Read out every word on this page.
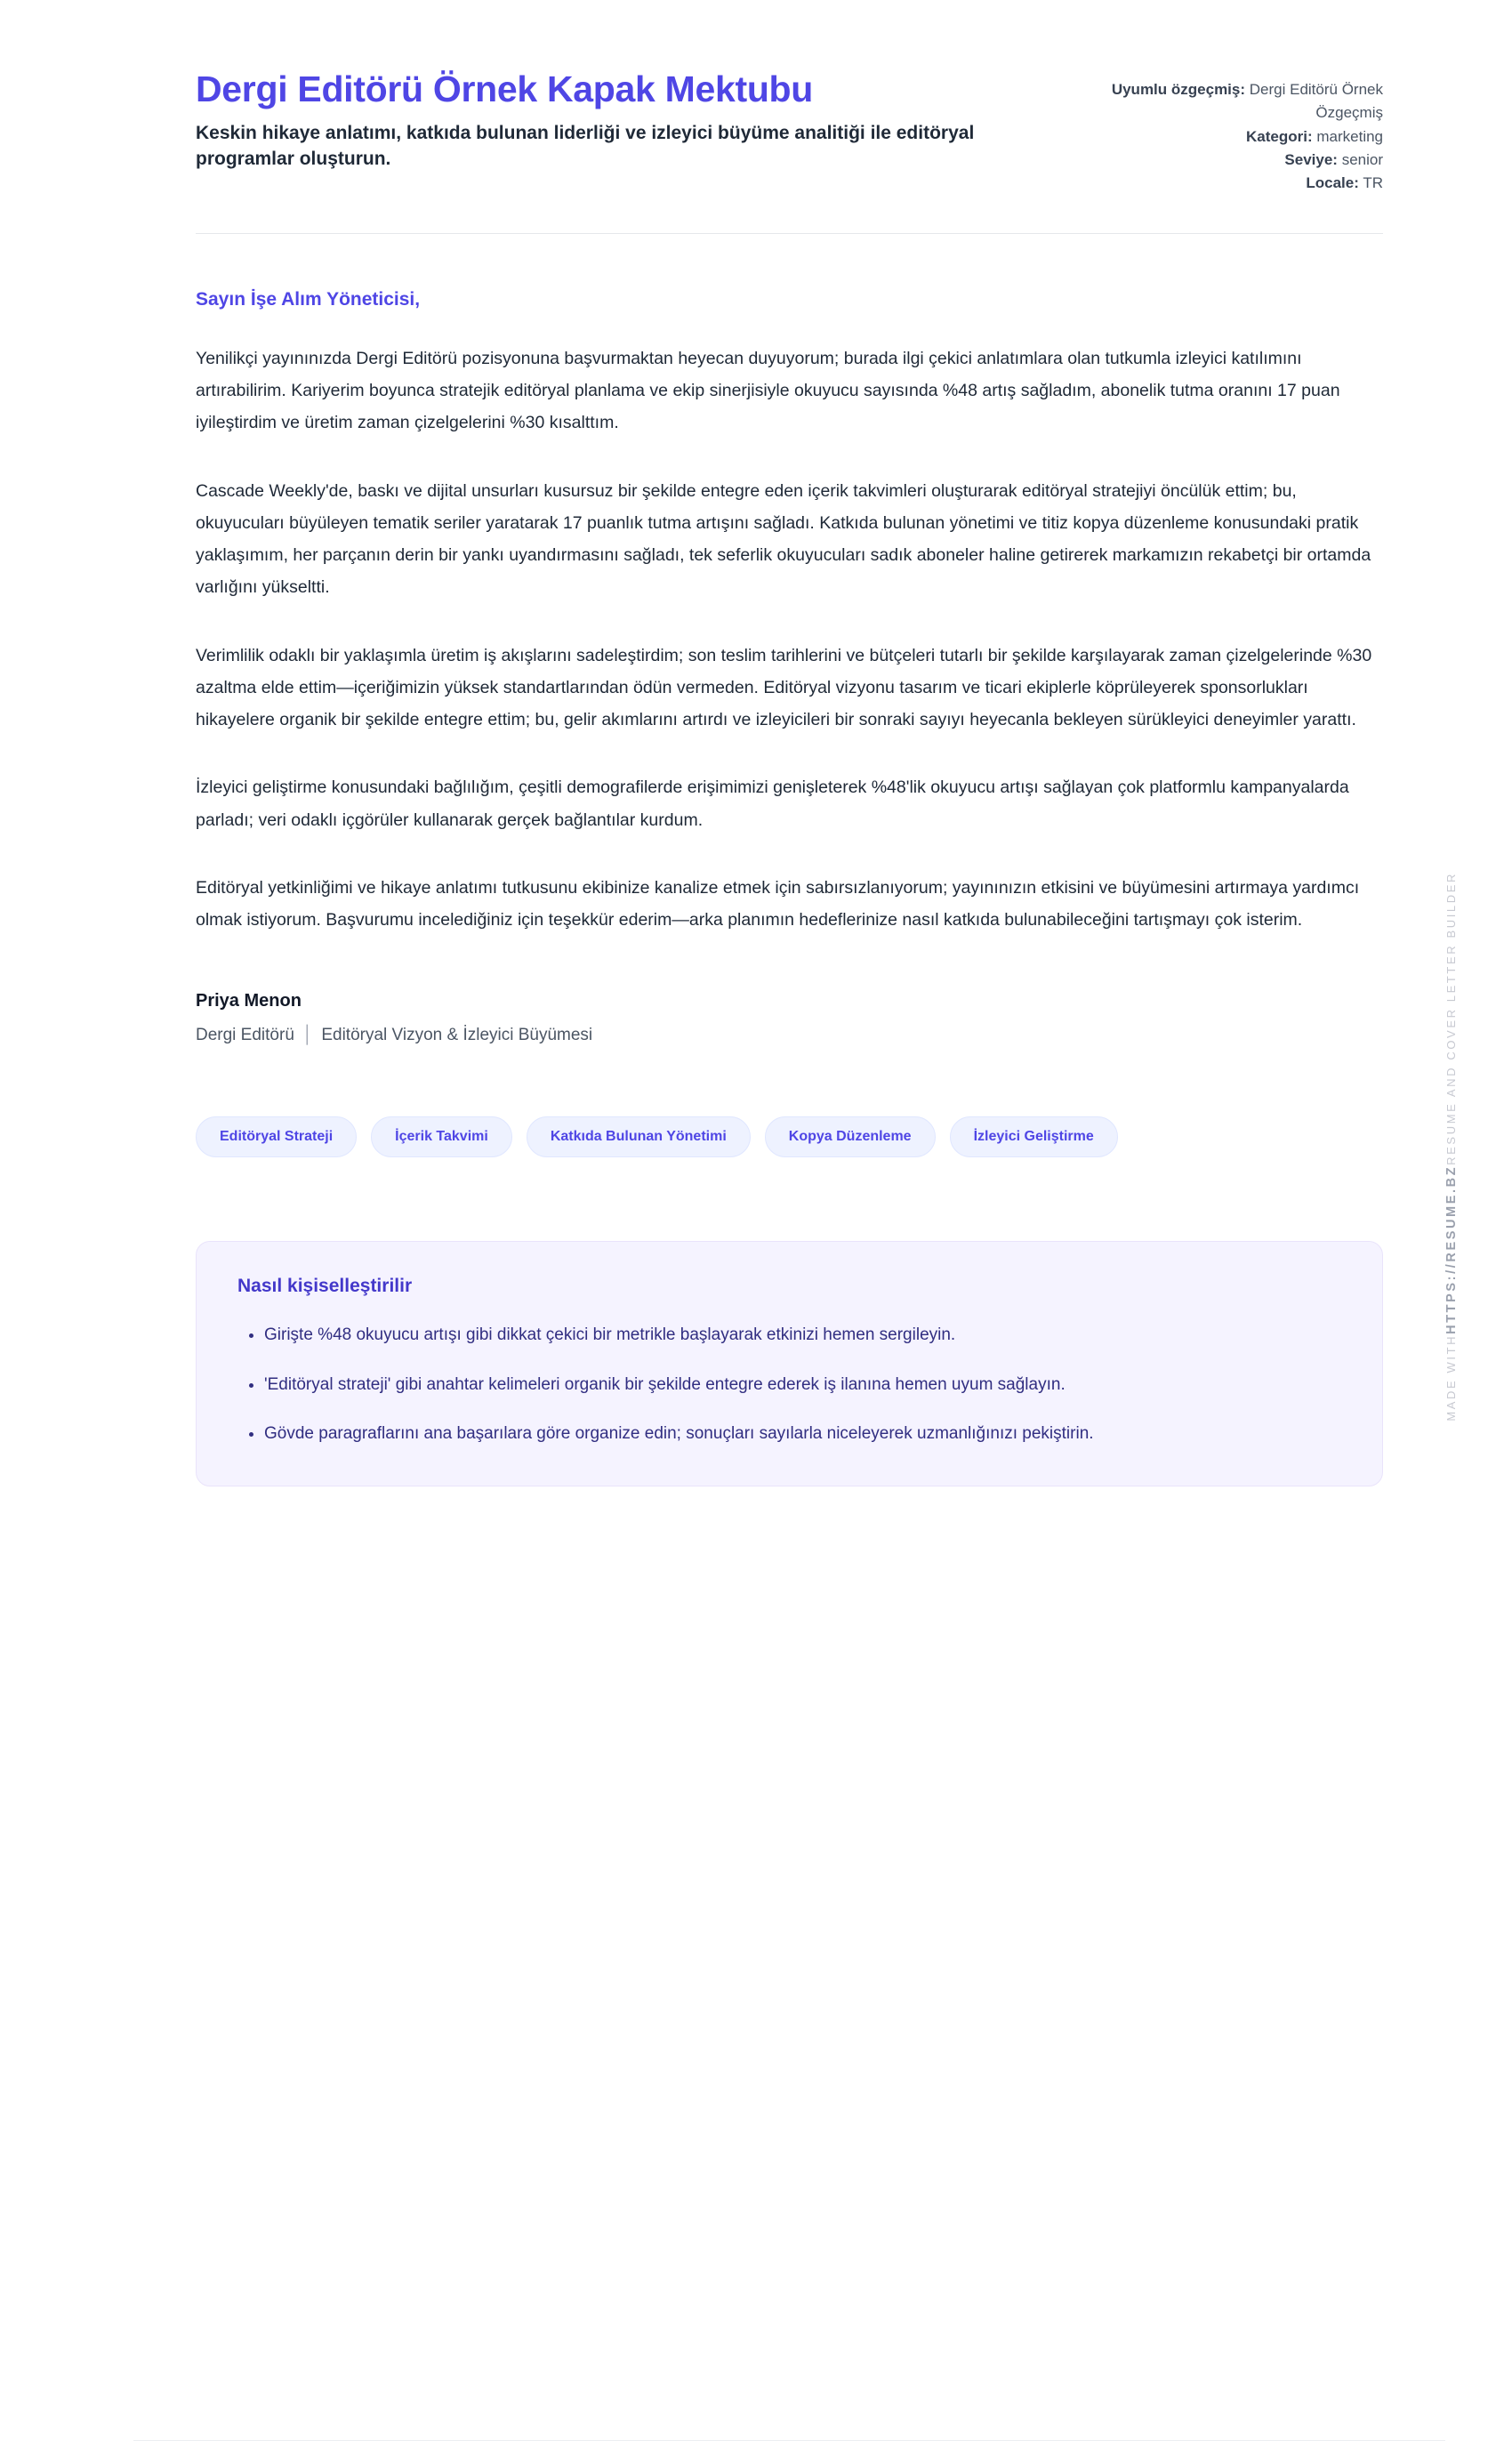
Dergi Editörü Örnek Kapak Mektubu

Keskin hikaye anlatımı, katkıda bulunan liderliği ve izleyici büyüme analitiği ile editöryal programlar oluşturun.

Uyumlu özgeçmiş: Dergi Editörü Örnek Özgeçmiş

Kategori: marketing

Seviye: senior

Locale: TR

Sayın İşe Alım Yöneticisi,

Yenilikçi yayınınızda Dergi Editörü pozisyonuna başvurmaktan heyecan duyuyorum; burada ilgi çekici anlatımlara olan tutkumla izleyici katılımını artırabilirim. Kariyerim boyunca stratejik editöryal planlama ve ekip sinerjisiyle okuyucu sayısında %48 artış sağladım, abonelik tutma oranını 17 puan iyileştirdim ve üretim zaman çizelgelerini %30 kısalttım.

Cascade Weekly'de, baskı ve dijital unsurları kusursuz bir şekilde entegre eden içerik takvimleri oluşturarak editöryal stratejiyi öncülük ettim; bu, okuyucuları büyüleyen tematik seriler yaratarak 17 puanlık tutma artışını sağladı. Katkıda bulunan yönetimi ve titiz kopya düzenleme konusundaki pratik yaklaşımım, her parçanın derin bir yankı uyandırmasını sağladı, tek seferlik okuyucuları sadık aboneler haline getirerek markamızın rekabetçi bir ortamda varlığını yükseltti.

Verimlilik odaklı bir yaklaşımla üretim iş akışlarını sadeleştirdim; son teslim tarihlerini ve bütçeleri tutarlı bir şekilde karşılayarak zaman çizelgelerinde %30 azaltma elde ettim—içeriğimizin yüksek standartlarından ödün vermeden. Editöryal vizyonu tasarım ve ticari ekiplerle köprüleyerek sponsorlukları hikayelere organik bir şekilde entegre ettim; bu, gelir akımlarını artırdı ve izleyicileri bir sonraki sayıyı heyecanla bekleyen sürükleyici deneyimler yarattı.

İzleyici geliştirme konusundaki bağlılığım, çeşitli demografilerde erişimimizi genişleterek %48'lik okuyucu artışı sağlayan çok platformlu kampanyalarda parladı; veri odaklı içgörüler kullanarak gerçek bağlantılar kurdum.

Editöryal yetkinliğimi ve hikaye anlatımı tutkusunu ekibinize kanalize etmek için sabırsızlanıyorum; yayınınızın etkisini ve büyümesini artırmaya yardımcı olmak istiyorum. Başvurumu incelediğiniz için teşekkür ederim—arka planımın hedeflerinize nasıl katkıda bulunabileceğini tartışmayı çok isterim.

Priya Menon

Dergi Editörü │ Editöryal Vizyon & İzleyici Büyümesi

Editöryal Strateji	İçerik Takvimi	Katkıda Bulunan Yönetimi	Kopya Düzenleme	İzleyici Geliştirme

Nasıl kişiselleştirilir

• Girişte %48 okuyucu artışı gibi dikkat çekici bir metrikle başlayarak etkinizi hemen sergileyin.
• 'Editöryal strateji' gibi anahtar kelimeleri organik bir şekilde entegre ederek iş ilanına hemen uyum sağlayın.
• Gövde paragraflarını ana başarılara göre organize edin; sonuçları sayılarla niceleyerek uzmanlığınızı pekiştirin.
MADE WITHHTTPS://RESUME.BZRESUME AND COVER LETTER BUILDER
